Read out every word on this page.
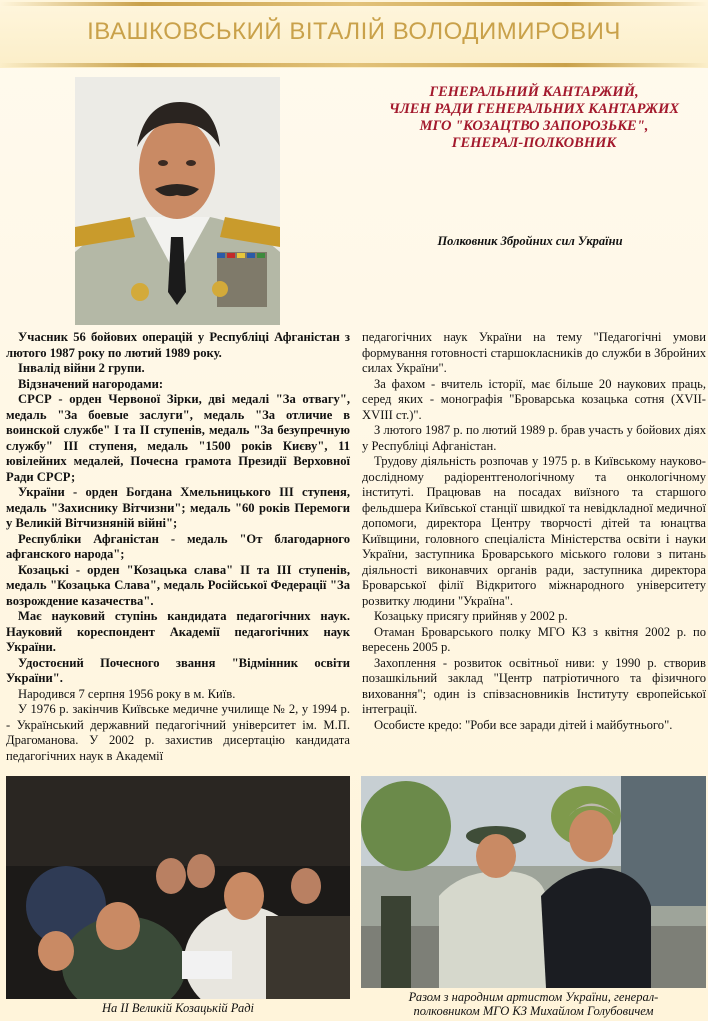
ІВАШКОВСЬКИЙ ВІТАЛІЙ ВОЛОДИМИРОВИЧ
ГЕНЕРАЛЬНИЙ КАНТАРЖИЙ,
ЧЛЕН РАДИ ГЕНЕРАЛЬНИХ КАНТАРЖИХ
МГО "КОЗАЦТВО ЗАПОРОЗЬКЕ",
ГЕНЕРАЛ-ПОЛКОВНИК
Полковник Збройних сил України

Учасник 56 бойових операцій у Республіці Афганістан з лютого 1987 року по лютий 1989 року.

Інвалід війни 2 групи.

Відзначений нагородами:

СРСР - орден Червоної Зірки, дві медалі "За отвагу", медаль "За боевые заслуги", медаль "За отличие в воинской службе" I та II ступенів, медаль "За безупречную службу" III ступеня, медаль "1500 років Києву", 11 ювілейних медалей, Почесна грамота Президії Верховної Ради СРСР;

України - орден Богдана Хмельницького III ступеня, медаль "Захиснику Вітчизни"; медаль "60 років Перемоги у Великій Вітчизняній війні";

Республіки Афганістан - медаль "От благодарного афганского народа";

Козацькі - орден "Козацька слава" II та III ступенів, медаль "Козацька Слава", медаль Російської Федерації "За возрождение казачества".

Має науковий ступінь кандидата педагогічних наук. Науковий кореспондент Академії педагогічних наук України.

Удостоєний Почесного звання "Відмінник освіти України".

Народився 7 серпня 1956 року в м. Київ.

У 1976 р. закінчив Київське медичне училище № 2, у 1994 р. - Український державний педагогічний університет ім. М.П. Драгоманова. У 2002 р. захистив дисертацію кандидата педагогічних наук в Академії

педагогічних наук України на тему "Педагогічні умови формування готовності старшокласників до служби в Збройних силах України".

За фахом - вчитель історії, має більше 20 наукових праць, серед яких - монографія "Броварська козацька сотня (XVII-XVIII ст.)".

З лютого 1987 р. по лютий 1989 р. брав участь у бойових діях у Республіці Афганістан.

Трудову діяльність розпочав у 1975 р. в Київському науково-дослідному радіорентгенологічному та онкологічному інституті. Працював на посадах виїзного та старшого фельдшера Київської станції швидкої та невідкладної медичної допомоги, директора Центру творчості дітей та юнацтва Київщини, головного спеціаліста Міністерства освіти і науки України, заступника Броварського міського голови з питань діяльності виконавчих органів ради, заступника директора Броварської філії Відкритого міжнародного університету розвитку людини "Україна".

Козацьку присягу прийняв у 2002 р.

Отаман Броварського полку МГО КЗ з квітня 2002 р. по вересень 2005 р.

Захоплення - розвиток освітньої ниви: у 1990 р. створив позашкільний заклад "Центр патріотичного та фізичного виховання"; один із співзасновників Інституту європейської інтеграції.

Особисте кредо: "Роби все заради дітей і майбутнього".

На II Великій Козацькій Раді
Разом з народним артистом України, генерал-
полковником МГО КЗ Михайлом Голубовичем
